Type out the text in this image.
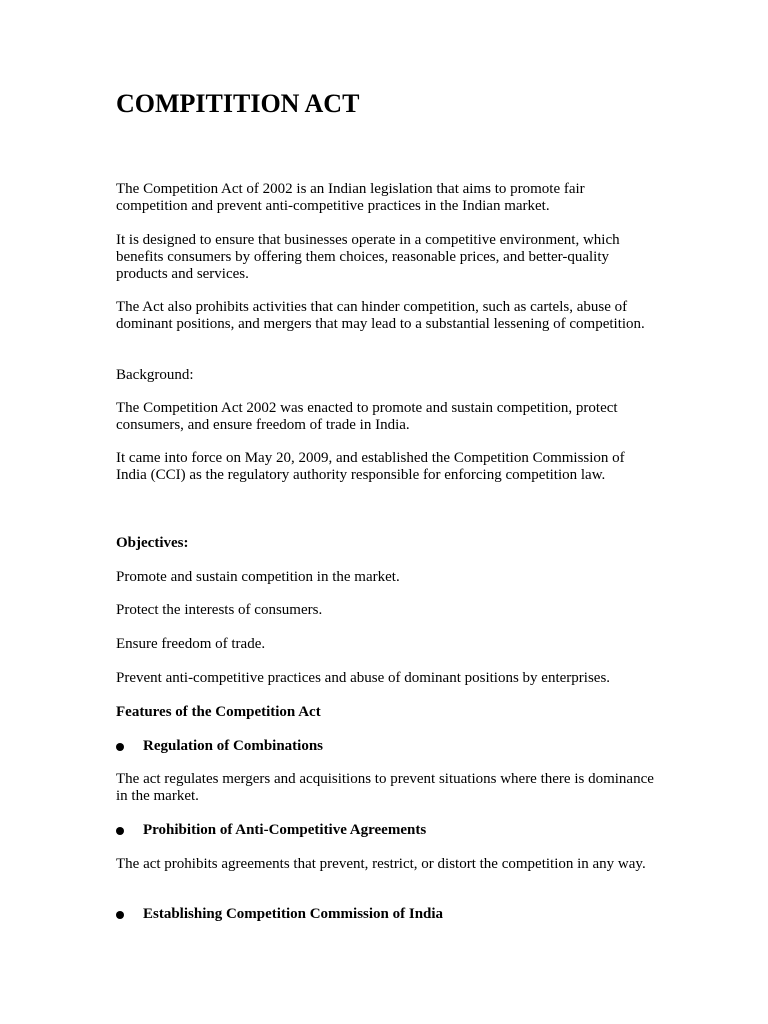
COMPITITION ACT

The Competition Act of 2002 is an Indian legislation that aims to promote fair competition and prevent anti-competitive practices in the Indian market.

It is designed to ensure that businesses operate in a competitive environment, which benefits consumers by offering them choices, reasonable prices, and better-quality products and services.

The Act also prohibits activities that can hinder competition, such as cartels, abuse of dominant positions, and mergers that may lead to a substantial lessening of competition.

Background:

The Competition Act 2002 was enacted to promote and sustain competition, protect consumers, and ensure freedom of trade in India.

It came into force on May 20, 2009, and established the Competition Commission of India (CCI) as the regulatory authority responsible for enforcing competition law.

Objectives:

Promote and sustain competition in the market.

Protect the interests of consumers.

Ensure freedom of trade.

Prevent anti-competitive practices and abuse of dominant positions by enterprises.

Features of the Competition Act

Regulation of Combinations

The act regulates mergers and acquisitions to prevent situations where there is dominance in the market.

Prohibition of Anti-Competitive Agreements

The act prohibits agreements that prevent, restrict, or distort the competition in any way.

Establishing Competition Commission of India
